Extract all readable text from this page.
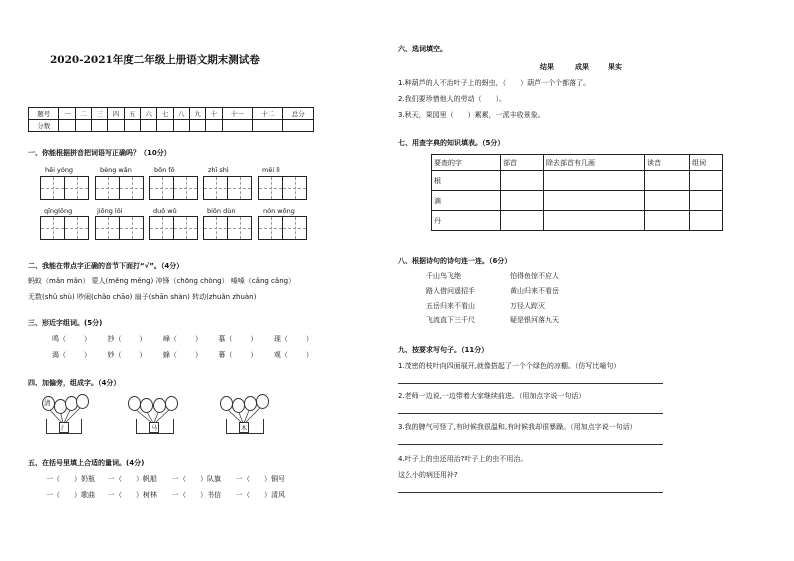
2020-2021年度二年级上册语文期末测试卷
题号	一	二	三	四	五	六	七	八	九	十	十一	十二	总分
分数													
一、你能根据拼音把词语写正确吗？（10分）
hēi yóng	bèng wǎn	bōn fō	zhī shì	měi lì
qīnglōng	jiōng lōi	duō wǔ	biōn dùn	nón wōng
二、我能在带点字正确的音节下面打“√”。（4分）
蚂蚁（mǎn mǎn） 蒙人(měng měng) 冲锋（chōng chòng） 嗓嗓（cǎng cǎng）
无数(shǔ shù) 吵闹(chǎo chāo) 扇子(shān shàn) 转动(zhuǎn zhuàn)
三、形近字组词。(5分)
鸣（	） 抄（	） 峰（	） 慕（	） 现（	）
渴（	） 妙（	） 蜂（	） 幕（	） 观（	）
四、加偏旁，组成字。（4分）
清
氵	马	木
五、在括号里填上合适的量词。(4分)
一（　　）奶瓶 一（　　）帆船 一（　　）队旗 一（　　）铜号
一（　　）歌曲 一（　　）树林 一（　　）书信 一（　　）清风
六、选词填空。
结果	成果	果实
1.种葫芦的人不治叶子上的蚜虫，（　　）葫芦一个个都落了。
2.我们要珍惜他人的劳动（　　）。
3.秋天，果园里（　　）累累，一派丰收景象。
七、用查字典的知识填表。（5分）
要查的字	部首	除去部首有几画	读音	组词
根				
滴				
丹				
八、根据诗句的诗句连一连。（6分）
千山鸟飞绝
路人借问遥招手
五岳归来不看山
飞流直下三千尺
怕得鱼惊不应人
黄山归来不看岳
万径人踪灭
疑是银河落九天
九、按要求写句子。（11分）
1.茂密的枝叶向四面展开,就像搭起了一个个绿色的凉棚。（仿写比喻句）
2.老师一边说,一边带着大家继续前进。（用加点字说一句话）
3.我的脾气可怪了,有时候我很温和,有时候我却很暴躁。（用加点字说一句话）
4.叶子上的虫还用治?叶子上的虫不用治。
这么小的病还用补?
